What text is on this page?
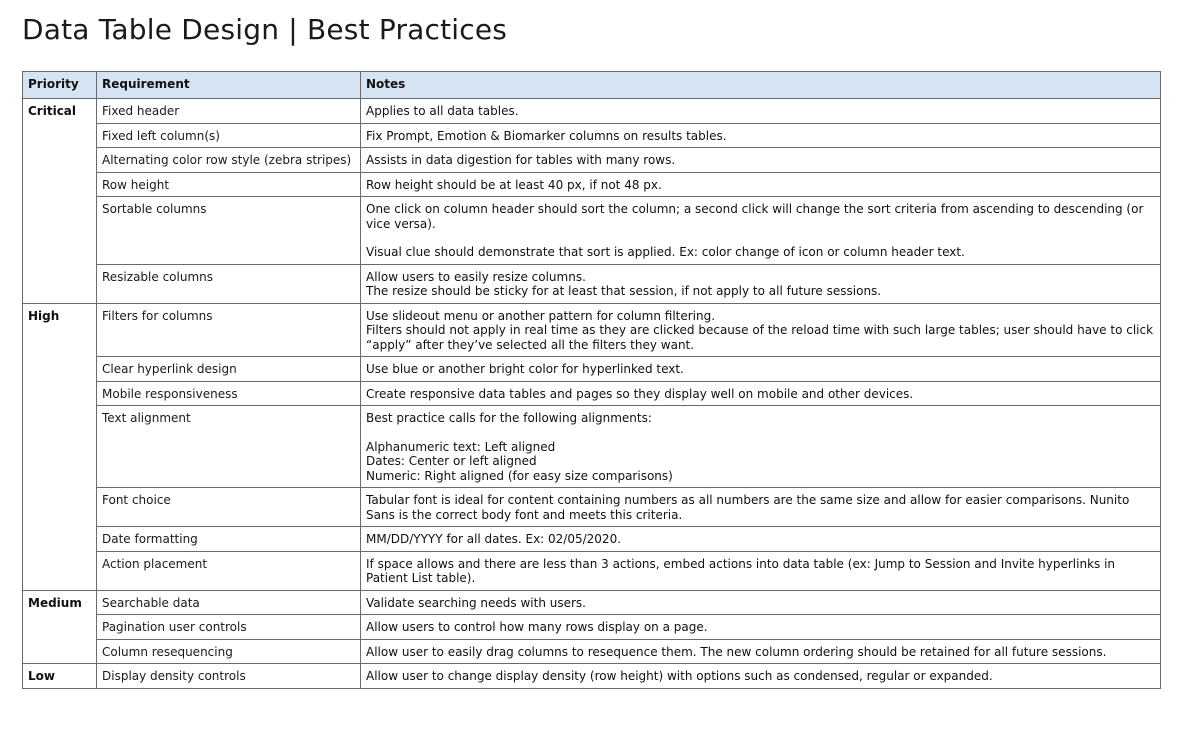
Data Table Design | Best Practices
Priority	Requirement	Notes
Critical	Fixed header	Applies to all data tables.

	Fixed left column(s)	Fix Prompt, Emotion & Biomarker columns on results tables.

	Alternating color row style (zebra stripes)	Assists in data digestion for tables with many rows.

	Row height	Row height should be at least 40 px, if not 48 px.

	Sortable columns	One click on column header should sort the column; a second click will change the sort criteria from ascending to descending (or vice versa).
Visual clue should demonstrate that sort is applied. Ex: color change of icon or column header text.

	Resizable columns	Allow users to easily resize columns.
The resize should be sticky for at least that session, if not apply to all future sessions.

High	Filters for columns	Use slideout menu or another pattern for column filtering.
Filters should not apply in real time as they are clicked because of the reload time with such large tables; user should have to click “apply” after they’ve selected all the filters they want.

	Clear hyperlink design	Use blue or another bright color for hyperlinked text.

	Mobile responsiveness	Create responsive data tables and pages so they display well on mobile and other devices.

	Text alignment	Best practice calls for the following alignments:
Alphanumeric text: Left aligned
Dates: Center or left aligned
Numeric: Right aligned (for easy size comparisons)

	Font choice	Tabular font is ideal for content containing numbers as all numbers are the same size and allow for easier comparisons. Nunito Sans is the correct body font and meets this criteria.

	Date formatting	MM/DD/YYYY for all dates. Ex: 02/05/2020.

	Action placement	If space allows and there are less than 3 actions, embed actions into data table (ex: Jump to Session and Invite hyperlinks in Patient List table).

Medium	Searchable data	Validate searching needs with users.

	Pagination user controls	Allow users to control how many rows display on a page.

	Column resequencing	Allow user to easily drag columns to resequence them. The new column ordering should be retained for all future sessions.

Low	Display density controls	Allow user to change display density (row height) with options such as condensed, regular or expanded.
